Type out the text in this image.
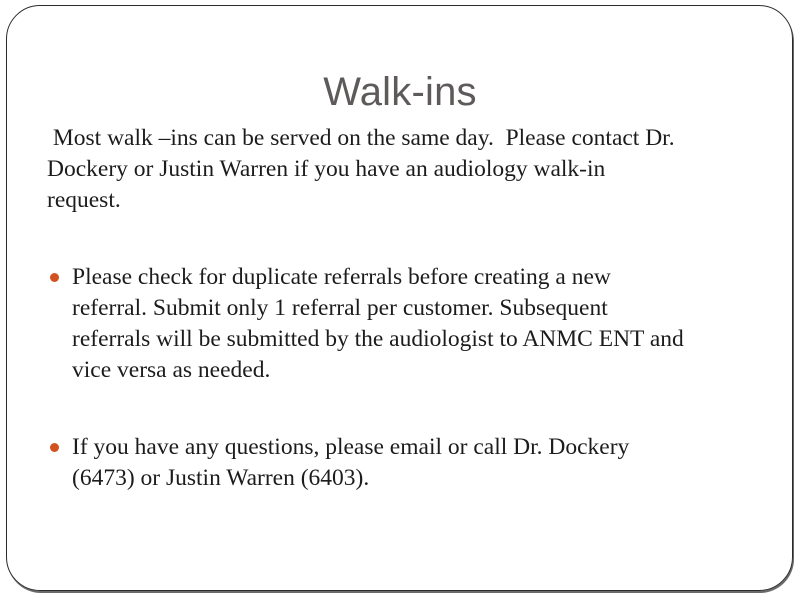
Walk-ins
Most walk –ins can be served on the same day.  Please contact Dr.
Dockery or Justin Warren if you have an audiology walk-in
request.
Please check for duplicate referrals before creating a new
referral. Submit only 1 referral per customer. Subsequent
referrals will be submitted by the audiologist to ANMC ENT and
vice versa as needed.
If you have any questions, please email or call Dr. Dockery
(6473) or Justin Warren (6403).
